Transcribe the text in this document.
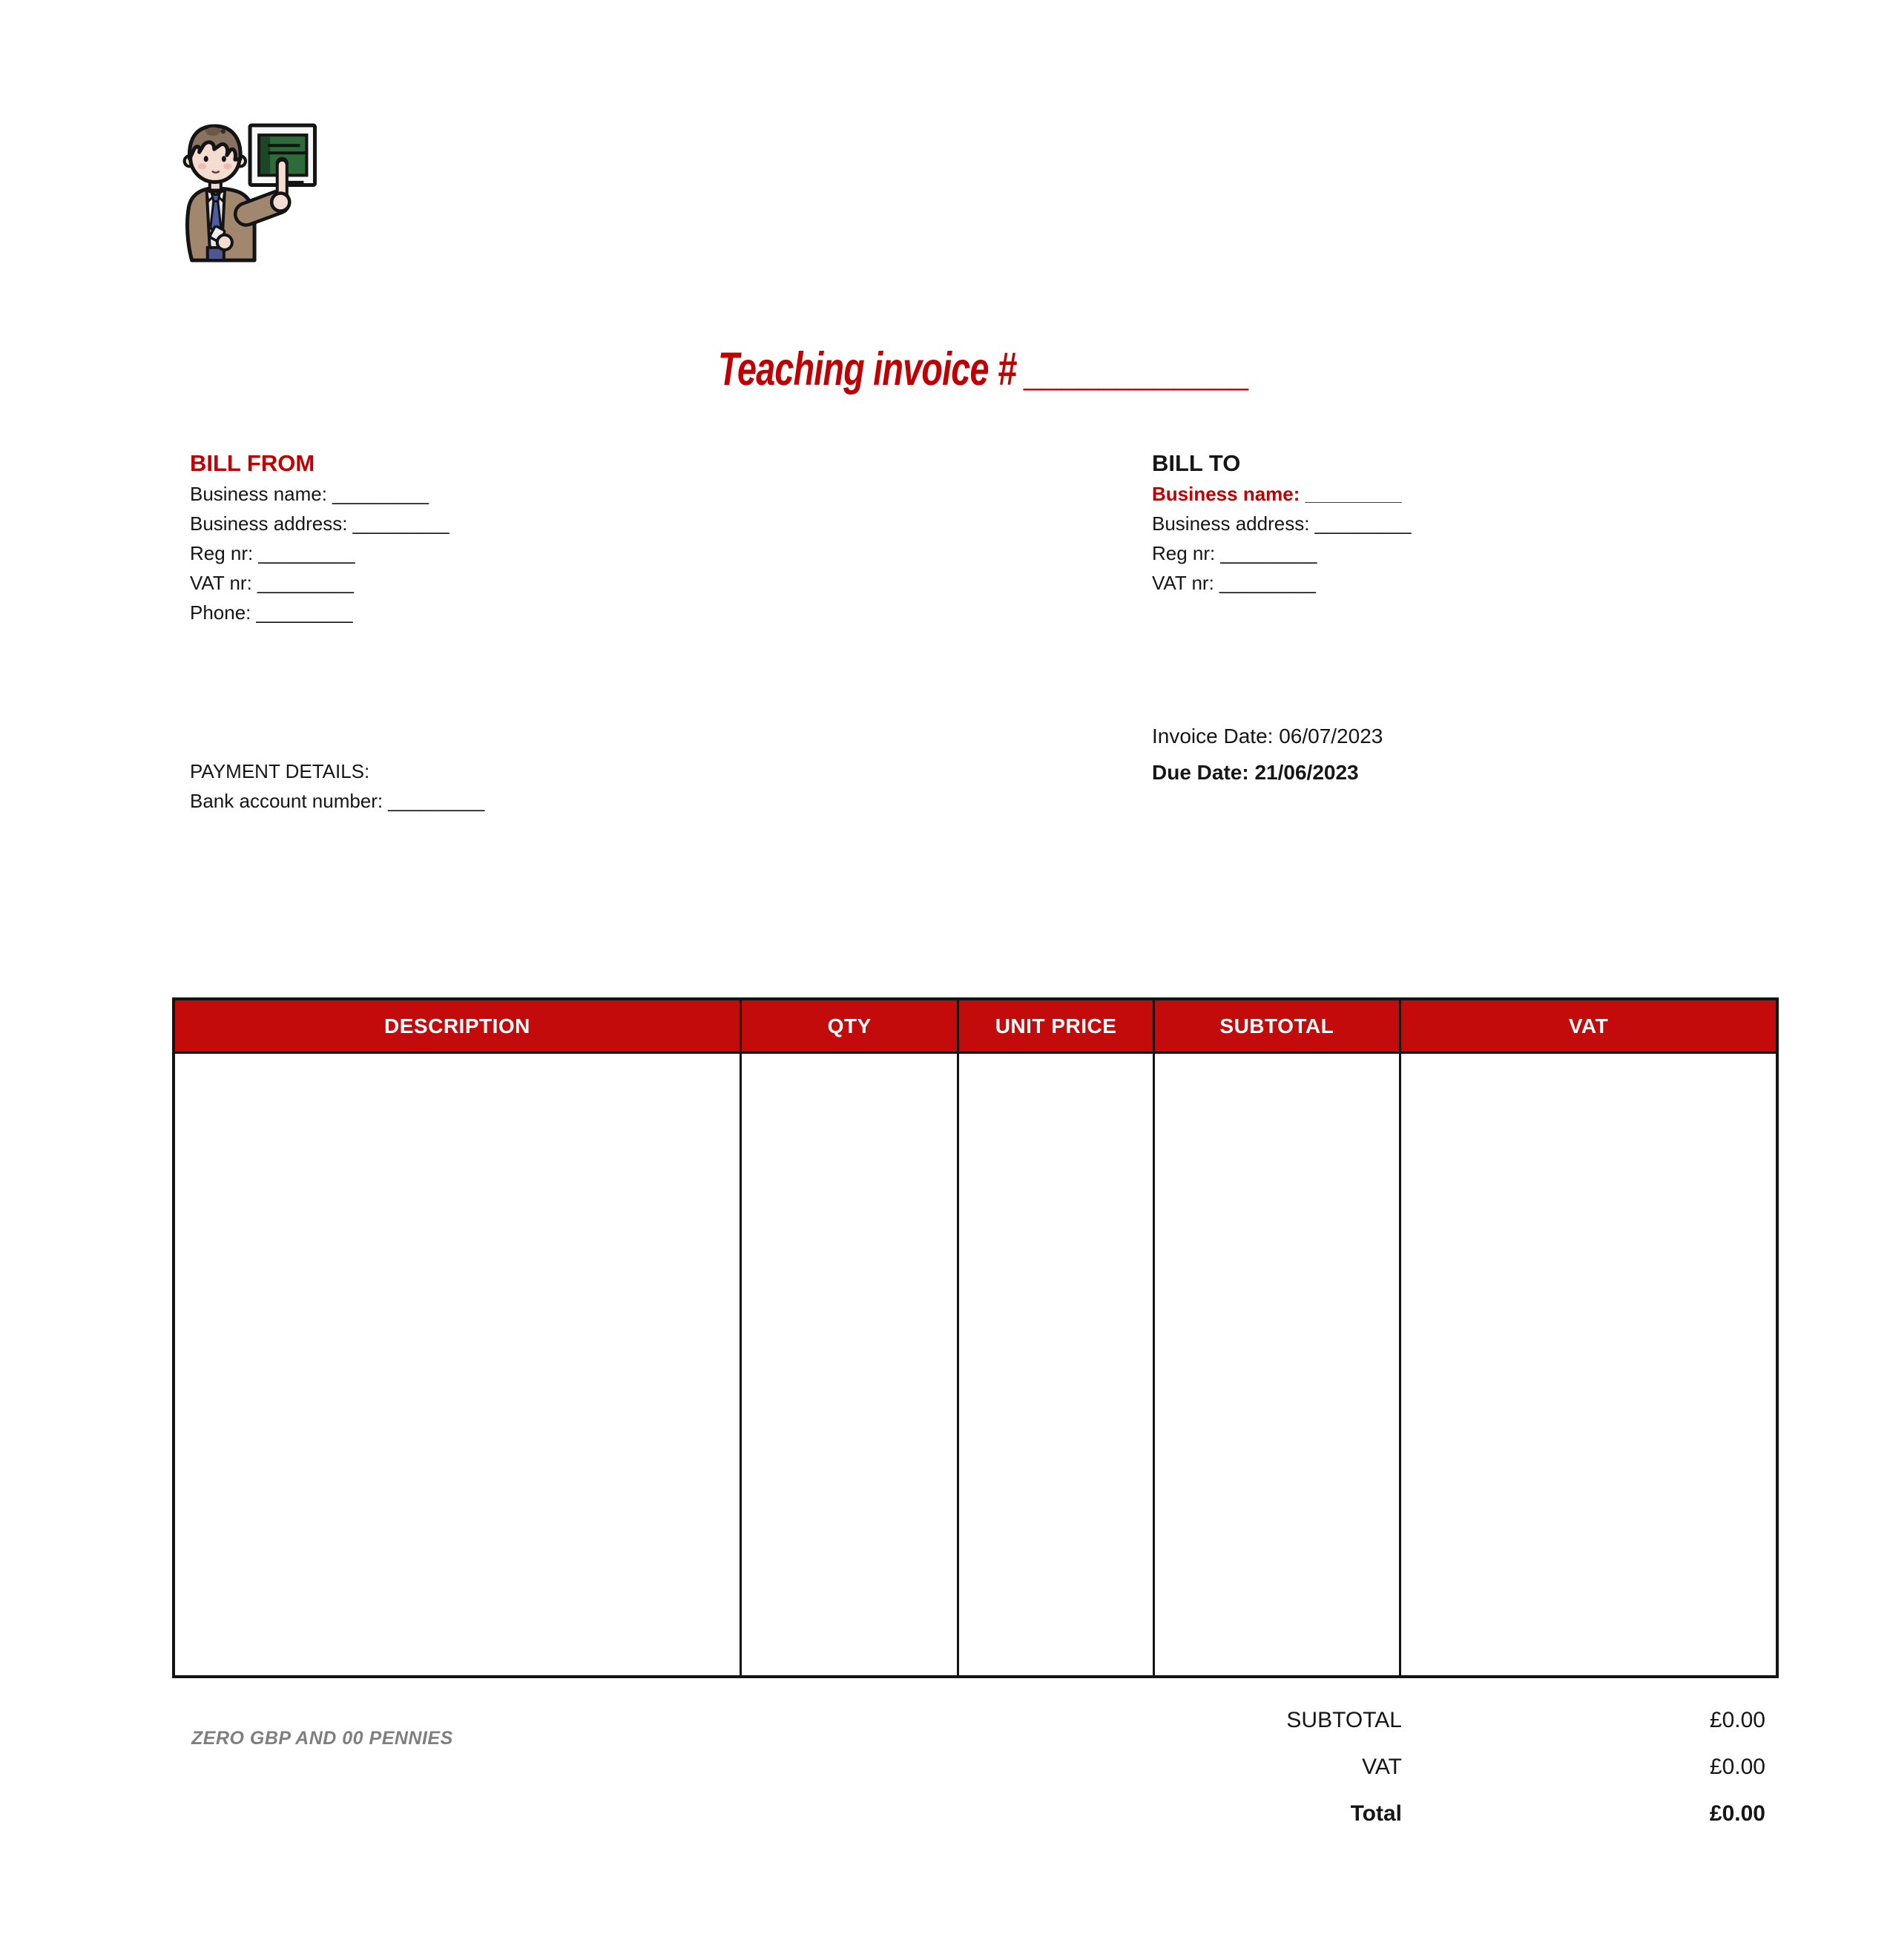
Teaching invoice # ____________
BILL FROM
Business name: _________
Business address: _________
Reg nr: _________
VAT nr: _________
Phone: _________
BILL TO
Business name: _________
Business address: _________
Reg nr: _________
VAT nr: _________
Invoice Date: 06/07/2023
Due Date: 21/06/2023
PAYMENT DETAILS:
Bank account number: _________
DESCRIPTION	QTY	UNIT PRICE	SUBTOTAL	VAT
SUBTOTAL	£0.00
VAT	£0.00
Total	£0.00
ZERO GBP AND 00 PENNIES
